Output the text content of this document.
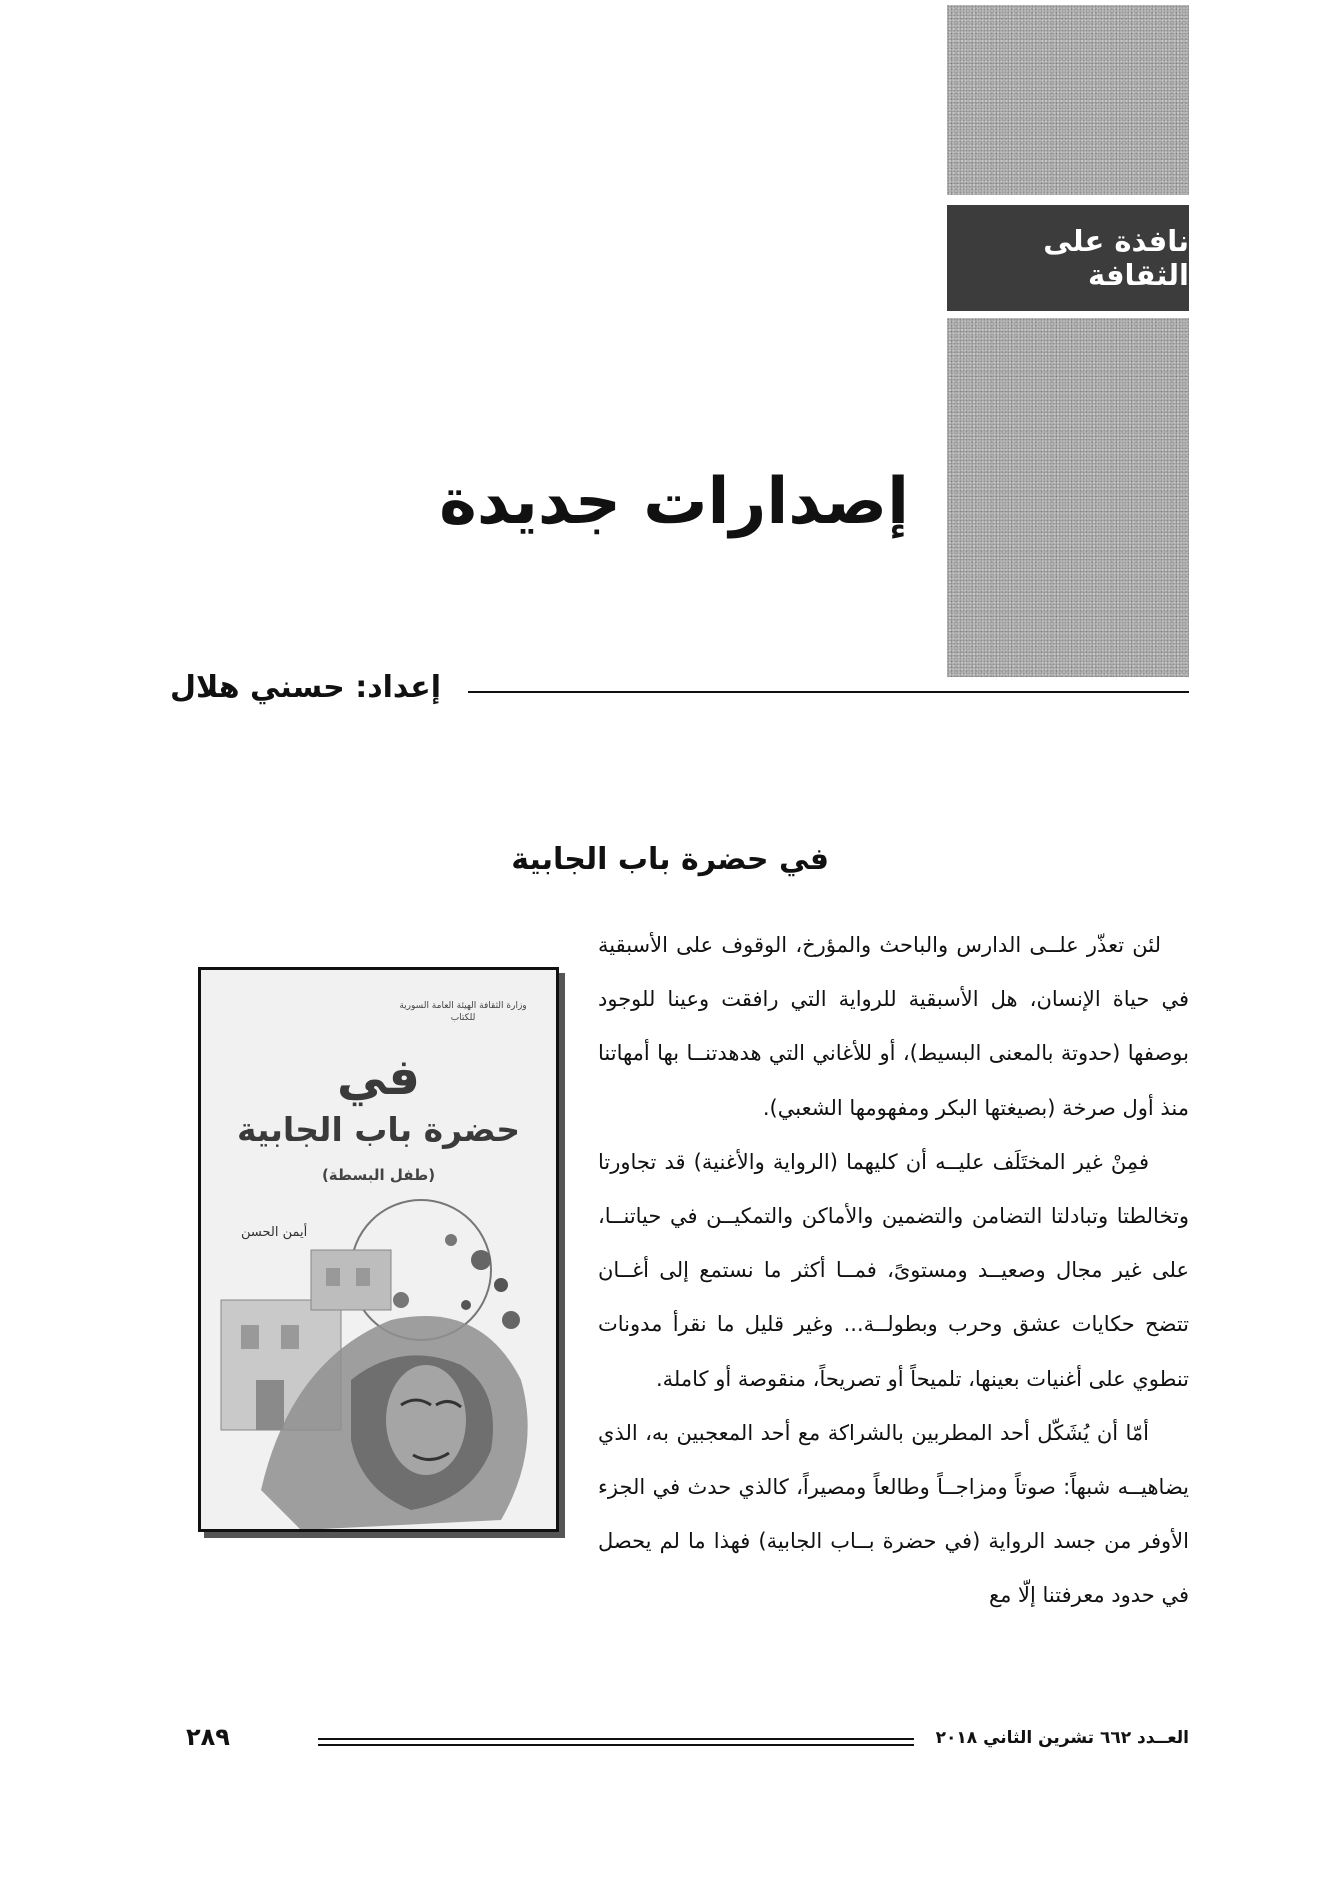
نافذة على الثقافة
إصدارات جديدة

إعداد: حسني هلال

في حضرة باب الجابية

لئن تعذّر علــى الدارس والباحث والمؤرخ، الوقوف على الأسبقية في حياة الإنسان، هل الأسبقية للرواية التي رافقت وعينا للوجود بوصفها (حدوتة بالمعنى البسيط)، أو للأغاني التي هدهدتنــا بها أمهاتنا منذ أول صرخة (بصيغتها البكر ومفهومها الشعبي).

فمِنْ غير المختَلَف عليــه أن كليهما (الرواية والأغنية) قد تجاورتا وتخالطتا وتبادلتا التضامن والتضمين والأماكن والتمكيــن في حياتنــا، على غير مجال وصعيــد ومستوىً، فمــا أكثر ما نستمع إلى أغــان تتضح حكايات عشق وحرب وبطولــة... وغير قليل ما نقرأ مدونات تنطوي على أغنيات بعينها، تلميحاً أو تصريحاً، منقوصة أو كاملة.

أمّا أن يُشَكّل أحد المطربين بالشراكة مع أحد المعجبين به، الذي يضاهيــه شبهاً: صوتاً ومزاجــاً وطالعاً ومصيراً، كالذي حدث في الجزء الأوفر من جسد الرواية (في حضرة بــاب الجابية) فهذا ما لم يحصل في حدود معرفتنا إلّا مع

وزارة الثقافة الهيئة العامة السورية للكتاب
في
حضرة باب الجابية
(طفل البسطة)
أيمن الحسن

العــدد ٦٦٢ تشرين الثاني ٢٠١٨

٢٨٩
